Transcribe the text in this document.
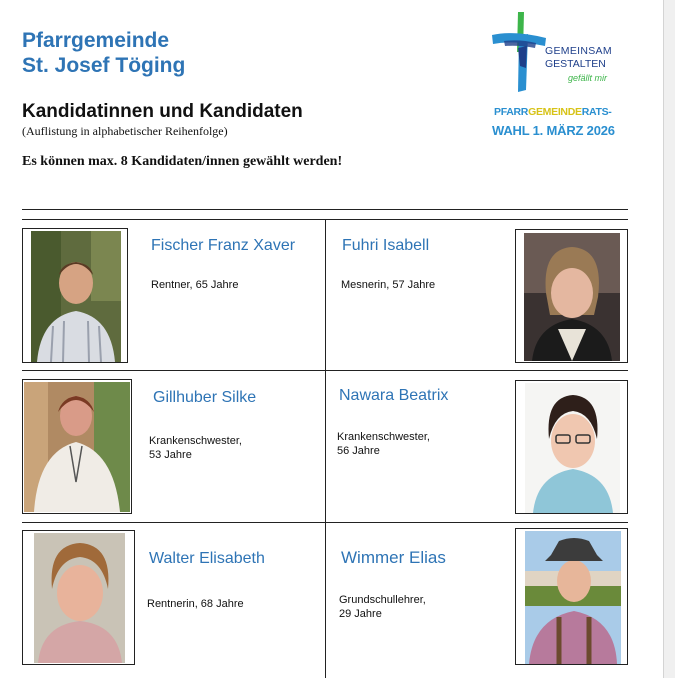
Pfarrgemeinde
St. Josef Töging
Kandidatinnen und Kandidaten
(Auflistung in alphabetischer Reihenfolge)
Es können max. 8 Kandidaten/innen gewählt werden!
GEMEINSAM
GESTALTEN
gefällt mir
PFARRGEMEINDERATS-
WAHL 1. MÄRZ 2026
Fischer Franz Xaver

Rentner, 65 Jahre

Fuhri Isabell

Mesnerin, 57 Jahre

Gillhuber Silke

Krankenschwester,
53 Jahre

Nawara Beatrix

Krankenschwester,
56 Jahre

Walter Elisabeth

Rentnerin, 68 Jahre

Wimmer Elias

Grundschullehrer,
29 Jahre
